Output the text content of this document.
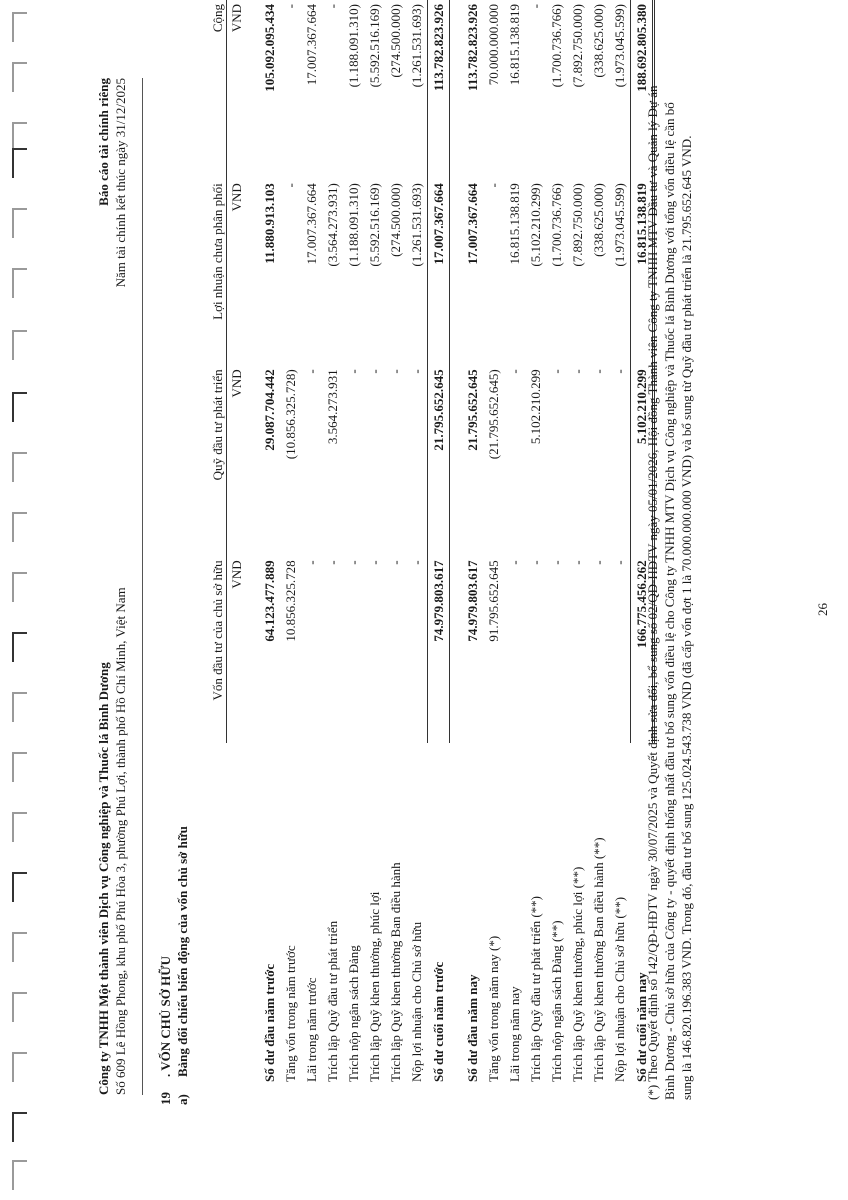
Công ty TNHH Một thành viên Dịch vụ Công nghiệp và Thuốc lá Bình Dương Số 609 Lê Hồng Phong, khu phố Phú Hòa 3, phường Phú Lợi, thành phố Hồ Chí Minh, Việt Nam
Báo cáo tài chính riêng Năm tài chính kết thúc ngày 31/12/2025
19. VỐN CHỦ SỞ HỮU
a)Bảng đối chiếu biến động của vốn chủ sở hữu
	Vốn đầu tư của chủ sở hữu	Quỹ đầu tư phát triển	Lợi nhuận chưa phân phối	Cộng
	VND	VND	VND	VND

Số dư đầu năm trước	64.123.477.889	29.087.704.442	11.880.913.103	105.092.095.434
Tăng vốn trong năm trước	10.856.325.728	(10.856.325.728)	-	-
Lãi trong năm trước	-	-	17.007.367.664	17.007.367.664
Trích lập Quỹ đầu tư phát triển	-	3.564.273.931	(3.564.273.931)	-
Trích nộp ngân sách Đảng	-	-	(1.188.091.310)	(1.188.091.310)
Trích lập Quỹ khen thưởng, phúc lợi	-	-	(5.592.516.169)	(5.592.516.169)
Trích lập Quỹ khen thưởng Ban điều hành	-	-	(274.500.000)	(274.500.000)
Nộp lợi nhuận cho Chủ sở hữu	-	-	(1.261.531.693)	(1.261.531.693)
Số dư cuối năm trước	74.979.803.617	21.795.652.645	17.007.367.664	113.782.823.926

Số dư đầu năm nay	74.979.803.617	21.795.652.645	17.007.367.664	113.782.823.926
Tăng vốn trong năm nay (*)	91.795.652.645	(21.795.652.645)	-	70.000.000.000
Lãi trong năm nay	-	-	16.815.138.819	16.815.138.819
Trích lập Quỹ đầu tư phát triển (**)	-	5.102.210.299	(5.102.210.299)	-
Trích nộp ngân sách Đảng (**)	-	-	(1.700.736.766)	(1.700.736.766)
Trích lập Quỹ khen thưởng, phúc lợi (**)	-	-	(7.892.750.000)	(7.892.750.000)
Trích lập Quỹ khen thưởng Ban điều hành (**)	-	-	(338.625.000)	(338.625.000)
Nộp lợi nhuận cho Chủ sở hữu (**)	-	-	(1.973.045.599)	(1.973.045.599)
Số dư cuối năm nay	166.775.456.262	5.102.210.299	16.815.138.819	188.692.805.380
(*) Theo Quyết định số 142/QĐ-HĐTV ngày 30/07/2025 và Quyết định sửa đổi, bổ sung số 02/QĐ-HĐTV ngày 05/01/2026, Hội đồng Thành viên Công ty TNHH MTV Đầu tư và Quản lý Dự án Bình Dương - Chủ sở hữu của Công ty - quyết định thống nhất đầu tư bổ sung vốn điều lệ cho Công ty TNHH MTV Dịch vụ Công nghiệp và Thuốc lá Bình Dương với tổng vốn điều lệ cần bổ sung là 146.820.196.383 VND. Trong đó, đầu tư bổ sung 125.024.543.738 VND (đã cấp vốn đợt 1 là 70.000.000.000 VND) và bổ sung từ Quỹ đầu tư phát triển là 21.795.652.645 VND.	26
